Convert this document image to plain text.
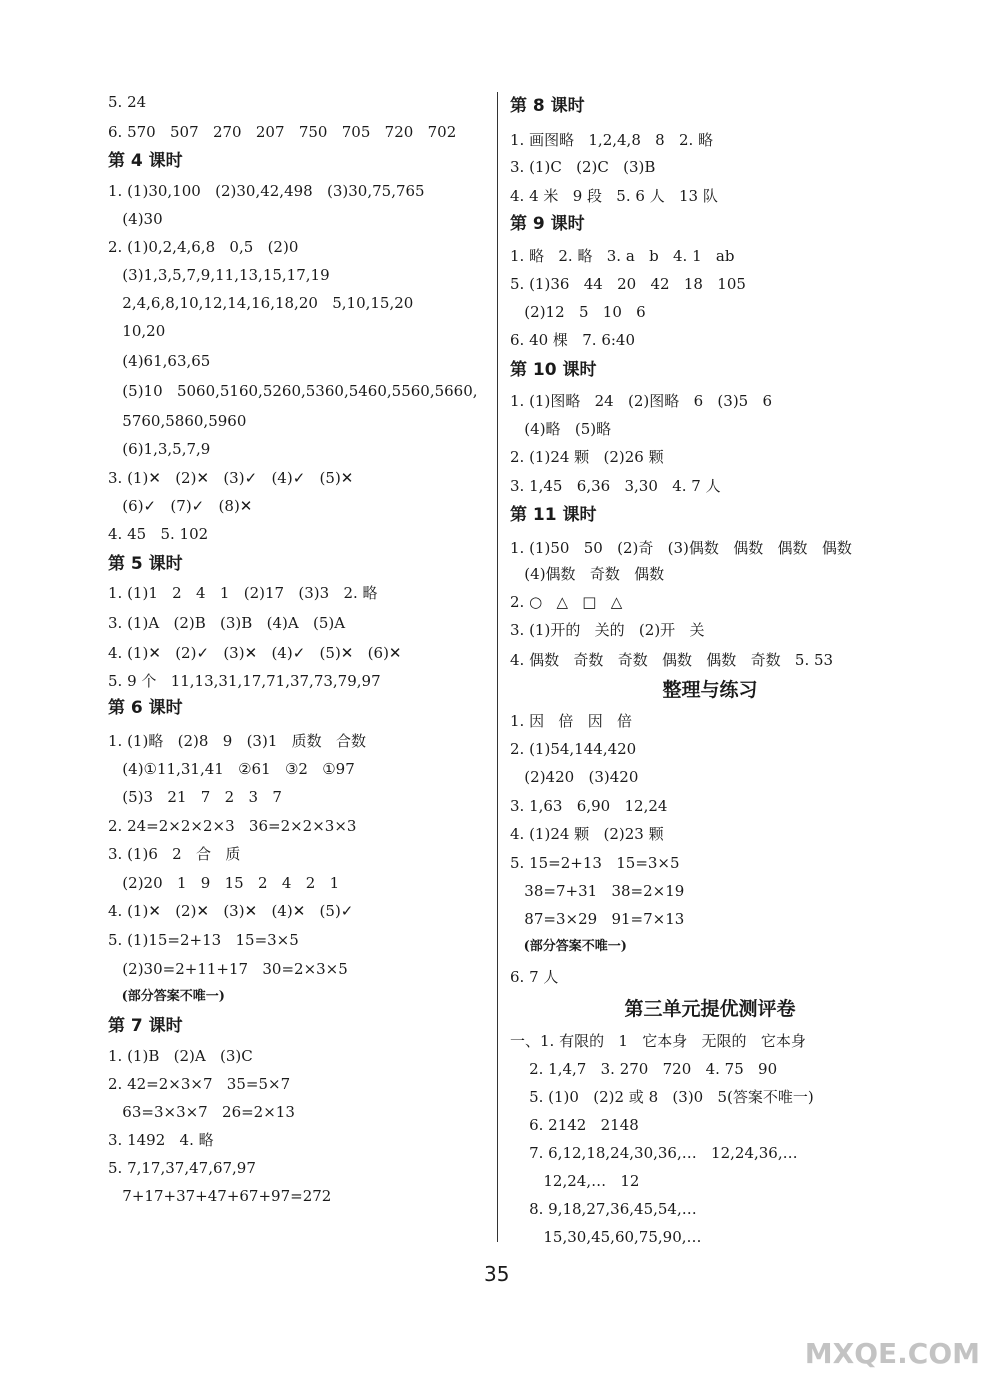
5. 24
6. 570   507   270   207   750   705   720   702
第 4 课时
1. (1)30,100   (2)30,42,498   (3)30,75,765
(4)30
2. (1)0,2,4,6,8   0,5   (2)0
(3)1,3,5,7,9,11,13,15,17,19
2,4,6,8,10,12,14,16,18,20   5,10,15,20
10,20
(4)61,63,65
(5)10   5060,5160,5260,5360,5460,5560,5660,
5760,5860,5960
(6)1,3,5,7,9
3. (1)✕   (2)✕   (3)✓   (4)✓   (5)✕
(6)✓   (7)✓   (8)✕
4. 45   5. 102
第 5 课时
1. (1)1   2   4   1   (2)17   (3)3   2. 略
3. (1)A   (2)B   (3)B   (4)A   (5)A
4. (1)✕   (2)✓   (3)✕   (4)✓   (5)✕   (6)✕
5. 9 个   11,13,31,17,71,37,73,79,97
第 6 课时
1. (1)略   (2)8   9   (3)1   质数   合数
(4)①11,31,41   ②61   ③2   ①97
(5)3   21   7   2   3   7
2. 24=2×2×2×3   36=2×2×3×3
3. (1)6   2   合   质
(2)20   1   9   15   2   4   2   1
4. (1)✕   (2)✕   (3)✕   (4)✕   (5)✓
5. (1)15=2+13   15=3×5
(2)30=2+11+17   30=2×3×5
(部分答案不唯一)
第 7 课时
1. (1)B   (2)A   (3)C
2. 42=2×3×7   35=5×7
63=3×3×7   26=2×13
3. 1492   4. 略
5. 7,17,37,47,67,97
7+17+37+47+67+97=272
第 8 课时
1. 画图略   1,2,4,8   8   2. 略
3. (1)C   (2)C   (3)B
4. 4 米   9 段   5. 6 人   13 队
第 9 课时
1. 略   2. 略   3. a   b   4. 1   ab
5. (1)36   44   20   42   18   105
(2)12   5   10   6
6. 40 棵   7. 6:40
第 10 课时
1. (1)图略   24   (2)图略   6   (3)5   6
(4)略   (5)略
2. (1)24 颗   (2)26 颗
3. 1,45   6,36   3,30   4. 7 人
第 11 课时
1. (1)50   50   (2)奇   (3)偶数   偶数   偶数   偶数
(4)偶数   奇数   偶数
2. ○   △   □   △
3. (1)开的   关的   (2)开   关
4. 偶数   奇数   奇数   偶数   偶数   奇数   5. 53
整理与练习
1. 因   倍   因   倍
2. (1)54,144,420
(2)420   (3)420
3. 1,63   6,90   12,24
4. (1)24 颗   (2)23 颗
5. 15=2+13   15=3×5
38=7+31   38=2×19
87=3×29   91=7×13
(部分答案不唯一)
6. 7 人
第三单元提优测评卷
一、1. 有限的   1   它本身   无限的   它本身
2. 1,4,7   3. 270   720   4. 75   90
5. (1)0   (2)2 或 8   (3)0   5(答案不唯一)
6. 2142   2148
7. 6,12,18,24,30,36,…   12,24,36,…
12,24,…   12
8. 9,18,27,36,45,54,…
15,30,45,60,75,90,…
35
MXQE.COM
